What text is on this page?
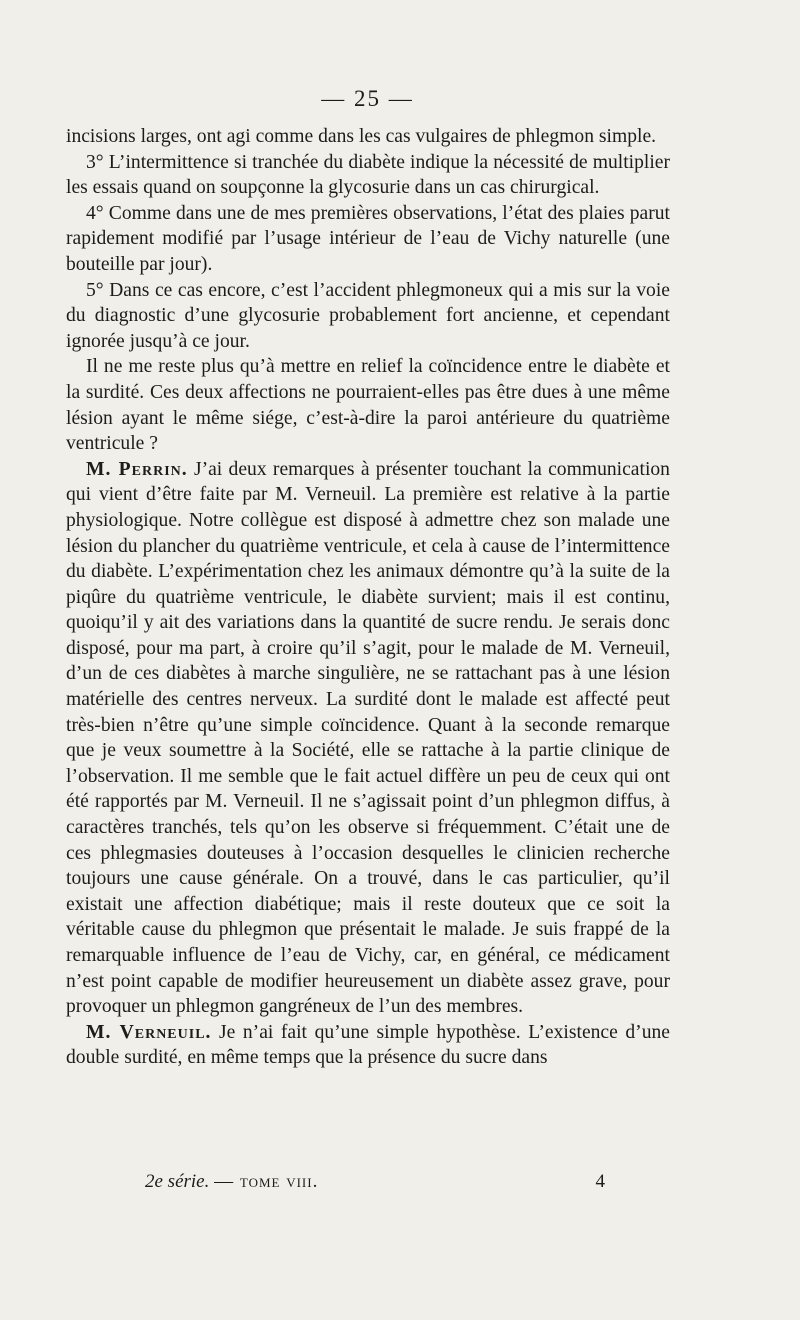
— 25 —

incisions larges, ont agi comme dans les cas vulgaires de phlegmon simple.

3° L’intermittence si tranchée du diabète indique la nécessité de multiplier les essais quand on soupçonne la glycosurie dans un cas chirurgical.

4° Comme dans une de mes premières observations, l’état des plaies parut rapidement modifié par l’usage intérieur de l’eau de Vichy naturelle (une bouteille par jour).

5° Dans ce cas encore, c’est l’accident phlegmoneux qui a mis sur la voie du diagnostic d’une glycosurie probablement fort ancienne, et cependant ignorée jusqu’à ce jour.

Il ne me reste plus qu’à mettre en relief la coïncidence entre le diabète et la surdité. Ces deux affections ne pourraient-elles pas être dues à une même lésion ayant le même siége, c’est-à-dire la paroi antérieure du quatrième ventricule ?

M. Perrin. J’ai deux remarques à présenter touchant la communication qui vient d’être faite par M. Verneuil. La première est relative à la partie physiologique. Notre collègue est disposé à admettre chez son malade une lésion du plancher du quatrième ventricule, et cela à cause de l’intermittence du diabète. L’expérimentation chez les animaux démontre qu’à la suite de la piqûre du quatrième ventricule, le diabète survient; mais il est continu, quoiqu’il y ait des variations dans la quantité de sucre rendu. Je serais donc disposé, pour ma part, à croire qu’il s’agit, pour le malade de M. Verneuil, d’un de ces diabètes à marche singulière, ne se rattachant pas à une lésion matérielle des centres nerveux. La surdité dont le malade est affecté peut très-bien n’être qu’une simple coïncidence. Quant à la seconde remarque que je veux soumettre à la Société, elle se rattache à la partie clinique de l’observation. Il me semble que le fait actuel diffère un peu de ceux qui ont été rapportés par M. Verneuil. Il ne s’agissait point d’un phlegmon diffus, à caractères tranchés, tels qu’on les observe si fréquemment. C’était une de ces phlegmasies douteuses à l’occasion desquelles le clinicien recherche toujours une cause générale. On a trouvé, dans le cas particulier, qu’il existait une affection diabétique; mais il reste douteux que ce soit la véritable cause du phlegmon que présentait le malade. Je suis frappé de la remarquable influence de l’eau de Vichy, car, en général, ce médicament n’est point capable de modifier heureusement un diabète assez grave, pour provoquer un phlegmon gangréneux de l’un des membres.

M. Verneuil. Je n’ai fait qu’une simple hypothèse. L’existence d’une double surdité, en même temps que la présence du sucre dans

2e série. — tome viii.	4
